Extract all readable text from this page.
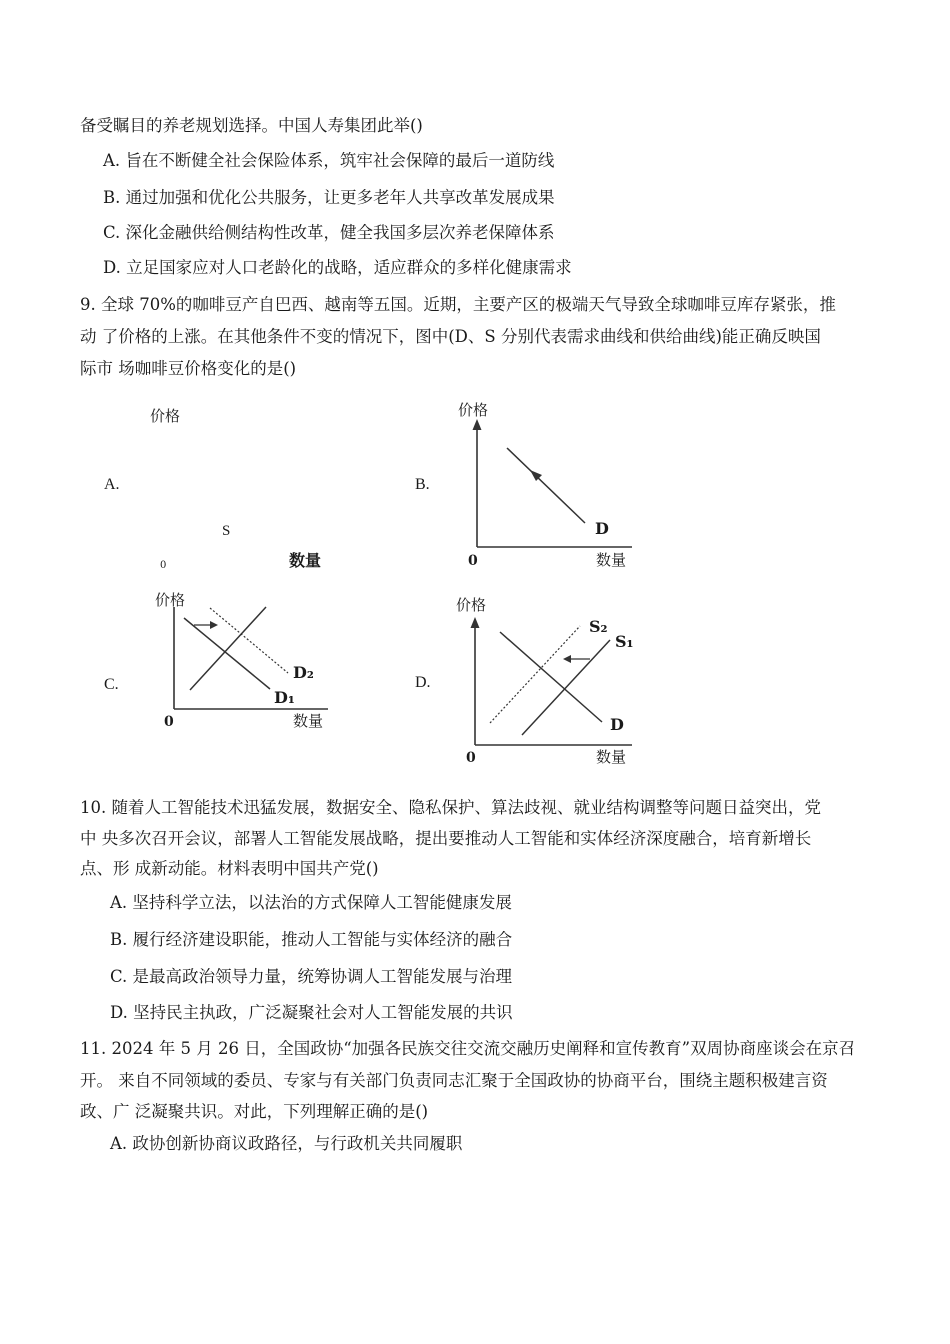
备受瞩目的养老规划选择。中国人寿集团此举()
A. 旨在不断健全社会保险体系，筑牢社会保障的最后一道防线
B. 通过加强和优化公共服务，让更多老年人共享改革发展成果
C. 深化金融供给侧结构性改革，健全我国多层次养老保障体系
D. 立足国家应对人口老龄化的战略，适应群众的多样化健康需求
9. 全球 70%的咖啡豆产自巴西、越南等五国。近期，主要产区的极端天气导致全球咖啡豆库存紧张，推
动 了价格的上涨。在其他条件不变的情况下，图中(D、S 分别代表需求曲线和供给曲线)能正确反映国
际市 场咖啡豆价格变化的是()
A.	B.
C.	D.
价格
S
0	数量
价格
D
0	数量
价格
D₂
D₁
0	数量
价格
S₂
S₁
D
0	数量
10. 随着人工智能技术迅猛发展，数据安全、隐私保护、算法歧视、就业结构调整等问题日益突出，党
中 央多次召开会议，部署人工智能发展战略，提出要推动人工智能和实体经济深度融合，培育新增长
点、形 成新动能。材料表明中国共产党()
A. 坚持科学立法，以法治的方式保障人工智能健康发展
B. 履行经济建设职能，推动人工智能与实体经济的融合
C. 是最高政治领导力量，统筹协调人工智能发展与治理
D. 坚持民主执政，广泛凝聚社会对人工智能发展的共识
11. 2024 年 5 月 26 日，全国政协“加强各民族交往交流交融历史阐释和宣传教育”双周协商座谈会在京召
开。 来自不同领域的委员、专家与有关部门负责同志汇聚于全国政协的协商平台，围绕主题积极建言资
政、广 泛凝聚共识。对此，下列理解正确的是()
A. 政协创新协商议政路径，与行政机关共同履职
